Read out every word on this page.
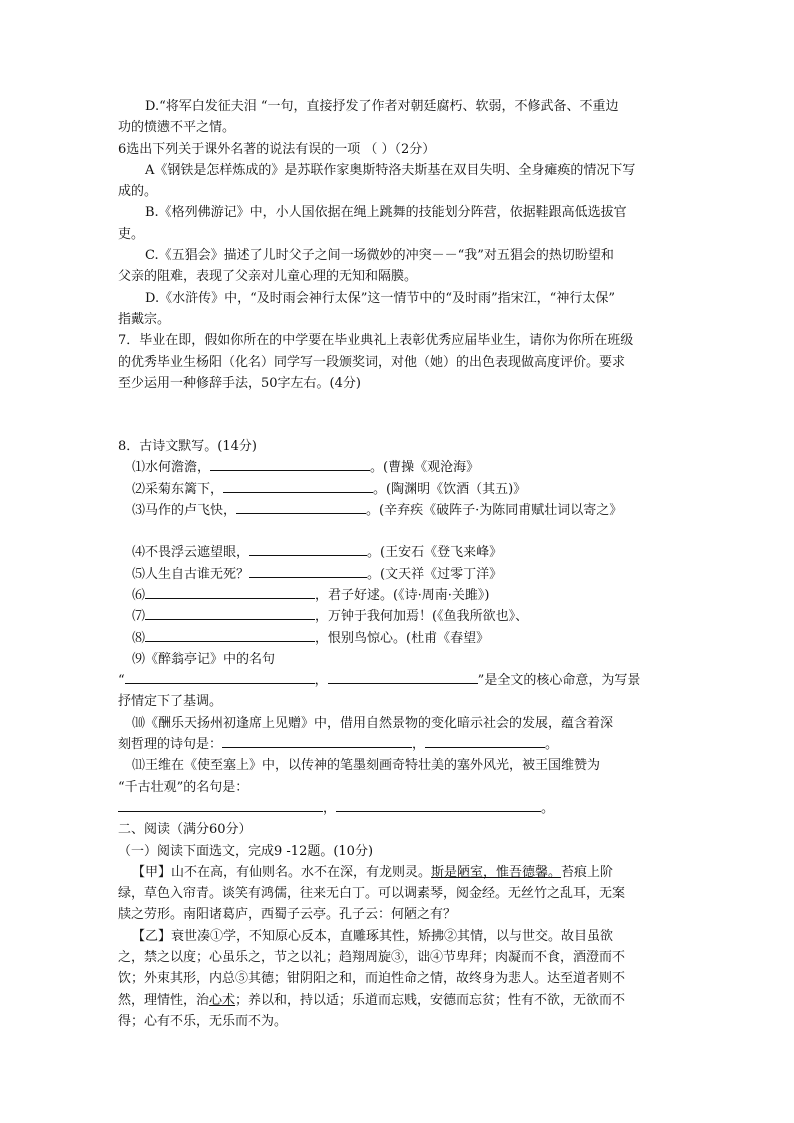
D.“将军白发征夫泪 “一句，直接抒发了作者对朝廷腐朽、软弱，不修武备、不重边
功的愤懑不平之情。
6选出下列关于课外名著的说法有误的一项 （ ）（2分）
A《钢铁是怎样炼成的》是苏联作家奥斯特洛夫斯基在双目失明、全身瘫痪的情况下写
成的。
B.《格列佛游记》中，小人国依据在绳上跳舞的技能划分阵营，依据鞋跟高低选拔官
吏。
C.《五猖会》描述了儿时父子之间一场微妙的冲突－－“我”对五猖会的热切盼望和
父亲的阻难，表现了父亲对儿童心理的无知和隔膜。
D.《水浒传》中，“及时雨会神行太保”这一情节中的“及时雨”指宋江，“神行太保”
指戴宗。
7．毕业在即，假如你所在的中学要在毕业典礼上表彰优秀应届毕业生，请你为你所在班级
的优秀毕业生杨阳（化名）同学写一段颁奖词，对他（她）的出色表现做高度评价。要求
至少运用一种修辞手法，50字左右。(4分)
8．古诗文默写。(14分)
⑴水何澹澹，	。(曹操《观沧海》
⑵采菊东篱下，	。(陶渊明《饮酒（其五)》
⑶马作的卢飞快，	。(辛弃疾《破阵子·为陈同甫赋壮词以寄之》
⑷不畏浮云遮望眼，	。(王安石《登飞来峰》
⑸人生自古谁无死？	。(文天祥《过零丁洋》
⑹	，君子好逑。(《诗·周南·关雎》)
⑺	，万钟于我何加焉！(《鱼我所欲也》、
⑻	，恨别鸟惊心。(杜甫《春望》
⑼《醉翁亭记》中的名句
“	，	”是全文的核心命意，为写景
抒情定下了基调。
⑽《酬乐天扬州初逢席上见赠》中，借用自然景物的变化暗示社会的发展，蕴含着深
刻哲理的诗句是：	，	。
⑾王维在《使至塞上》中，以传神的笔墨刻画奇特壮美的塞外风光，被王国维赞为
“千古壮观”的名句是：
，	。
二、阅读（满分60分）
（一）阅读下面选文，完成9 -12题。(10分)
【甲】山不在高，有仙则名。水不在深，有龙则灵。斯是陋室，惟吾德馨。苔痕上阶
绿，草色入帘青。谈笑有鸿儒，往来无白丁。可以调素琴，阅金经。无丝竹之乱耳，无案
牍之劳形。南阳诸葛庐，西蜀子云亭。孔子云：何陋之有？
【乙】衰世凑①学，不知原心反本，直雕琢其性，矫拂②其情，以与世交。故目虽欲
之，禁之以度；心虽乐之，节之以礼；趋翔周旋③，诎④节卑拜；肉凝而不食，酒澄而不
饮；外束其形，内总⑤其德；钳阴阳之和，而迫性命之情，故终身为悲人。达至道者则不
然，理情性，治心术；养以和，持以适；乐道而忘贱，安德而忘贫；性有不欲，无欲而不
得；心有不乐，无乐而不为。
